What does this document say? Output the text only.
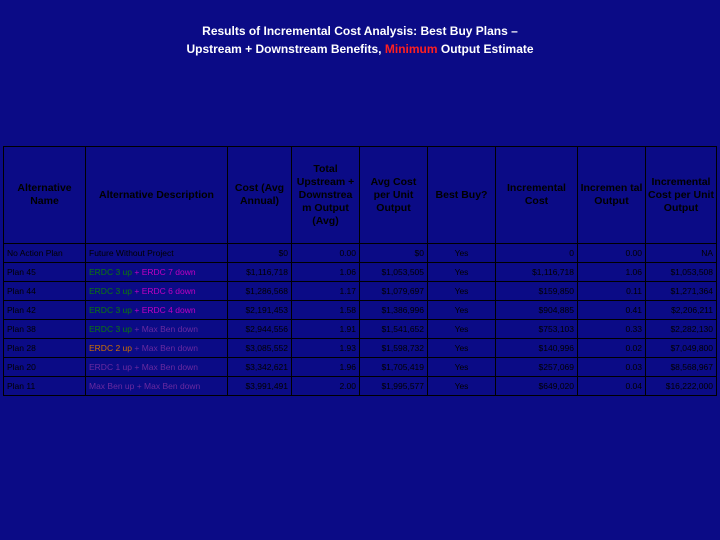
Results of Incremental Cost Analysis: Best Buy Plans –
Upstream + Downstream Benefits, Minimum Output Estimate
Alternative Name	Alternative Description	Cost (Avg Annual)	Total Upstream + Downstrea m Output (Avg)	Avg Cost per Unit Output	Best Buy?	Incremental Cost	Incremen tal Output	Incremental Cost per Unit Output
No Action Plan	Future Without Project	$0	0.00	$0	Yes	0	0.00	NA
Plan 45	ERDC 3 up + ERDC 7 down	$1,116,718	1.06	$1,053,505	Yes	$1,116,718	1.06	$1,053,508
Plan 44	ERDC 3 up + ERDC 6 down	$1,286,568	1.17	$1,079,697	Yes	$159,850	0.11	$1,271,364
Plan 42	ERDC 3 up + ERDC 4 down	$2,191,453	1.58	$1,386,996	Yes	$904,885	0.41	$2,206,211
Plan 38	ERDC 3 up + Max Ben down	$2,944,556	1.91	$1,541,652	Yes	$753,103	0.33	$2,282,130
Plan 28	ERDC 2 up + Max Ben down	$3,085,552	1.93	$1,598,732	Yes	$140,996	0.02	$7,049,800
Plan 20	ERDC 1 up + Max Ben down	$3,342,621	1.96	$1,705,419	Yes	$257,069	0.03	$8,568,967
Plan 11	Max Ben up + Max Ben down	$3,991,491	2.00	$1,995,577	Yes	$649,020	0.04	$16,222,000
